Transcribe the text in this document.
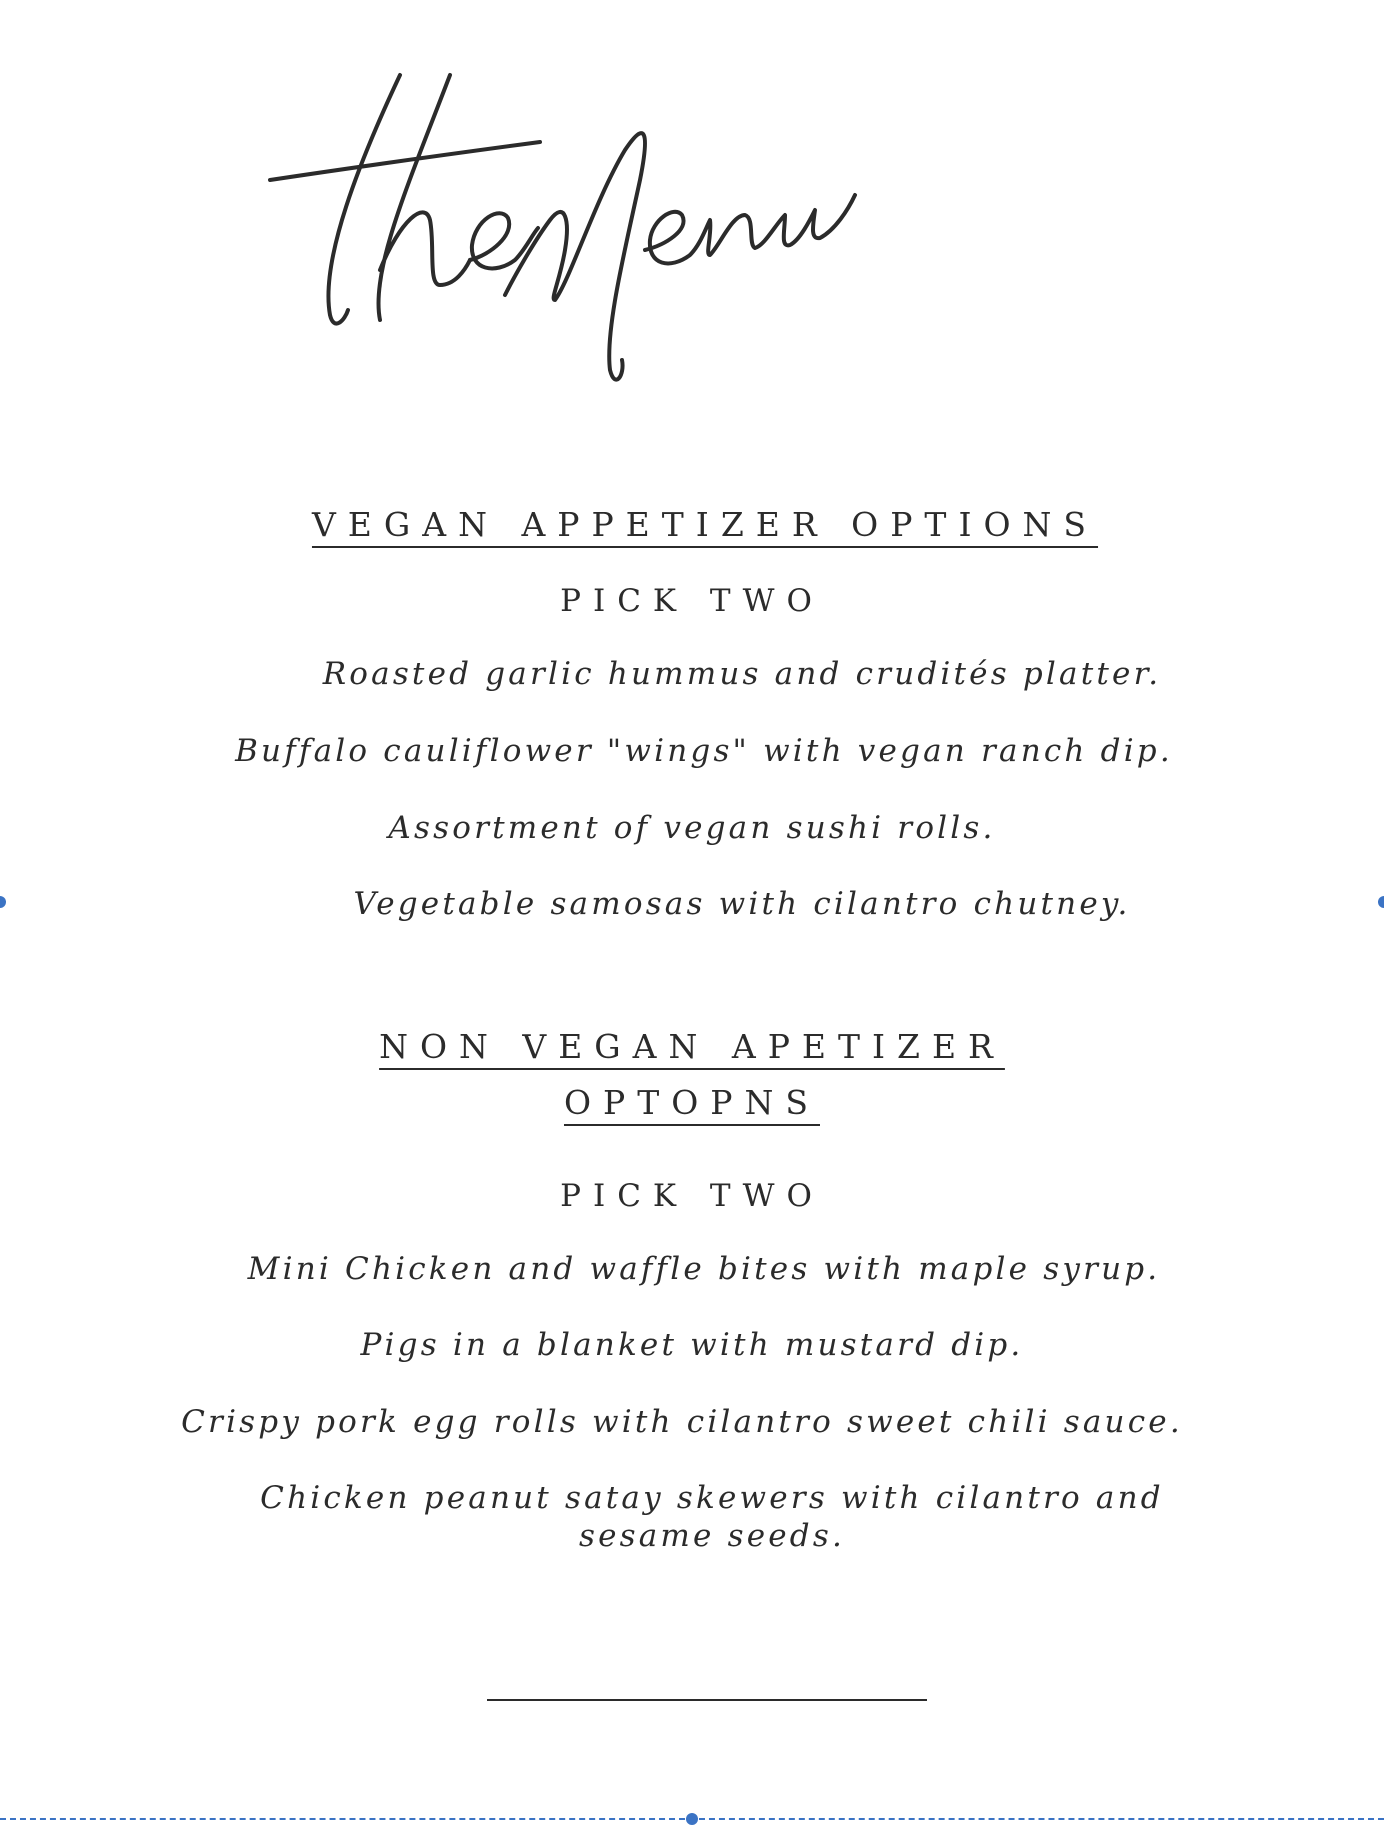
VEGAN APPETIZER OPTIONS
PICK TWO
Roasted garlic hummus and crudités platter.
Buffalo cauliflower "wings" with vegan ranch dip.
Assortment of vegan sushi rolls.
Vegetable samosas with cilantro chutney.
NON VEGAN APETIZER
OPTOPNS
PICK TWO
Mini Chicken and waffle bites with maple syrup.
Pigs in a blanket with mustard dip.
Crispy pork egg rolls with cilantro sweet chili sauce.
Chicken peanut satay skewers with cilantro and
sesame seeds.
